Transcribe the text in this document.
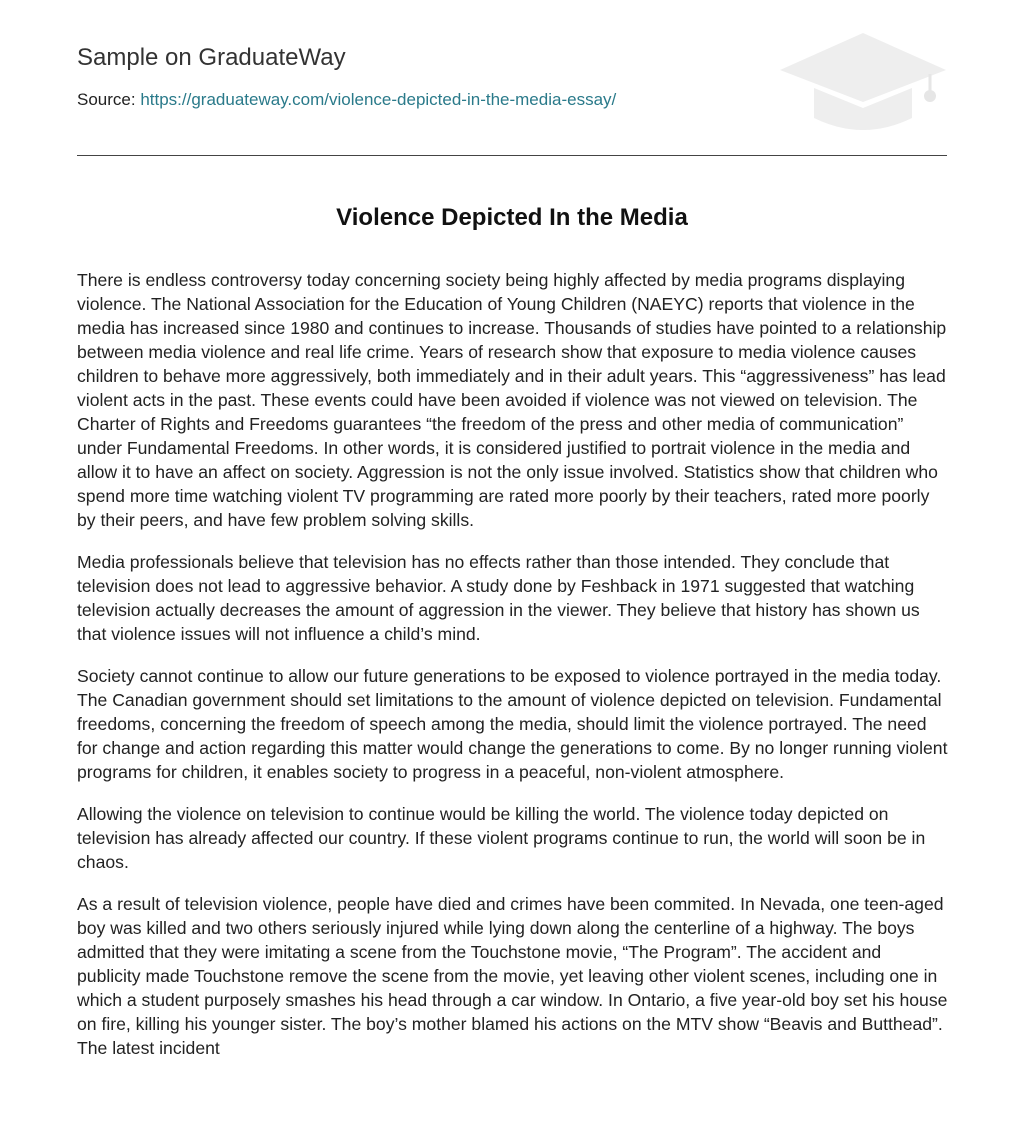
Sample on GraduateWay
Source: https://graduateway.com/violence-depicted-in-the-media-essay/
Violence Depicted In the Media

There is endless controversy today concerning society being highly affected by media programs displaying violence. The National Association for the Education of Young Children (NAEYC) reports that violence in the media has increased since 1980 and continues to increase. Thousands of studies have pointed to a relationship between media violence and real life crime. Years of research show that exposure to media violence causes children to behave more aggressively, both immediately and in their adult years. This “aggressiveness” has lead violent acts in the past. These events could have been avoided if violence was not viewed on television. The Charter of Rights and Freedoms guarantees “the freedom of the press and other media of communication” under Fundamental Freedoms. In other words, it is considered justified to portrait violence in the media and allow it to have an affect on society. Aggression is not the only issue involved. Statistics show that children who spend more time watching violent TV programming are rated more poorly by their teachers, rated more poorly by their peers, and have few problem solving skills.

Media professionals believe that television has no effects rather than those intended. They conclude that television does not lead to aggressive behavior. A study done by Feshback in 1971 suggested that watching television actually decreases the amount of aggression in the viewer. They believe that history has shown us that violence issues will not influence a child’s mind.

Society cannot continue to allow our future generations to be exposed to violence portrayed in the media today. The Canadian government should set limitations to the amount of violence depicted on television. Fundamental freedoms, concerning the freedom of speech among the media, should limit the violence portrayed. The need for change and action regarding this matter would change the generations to come. By no longer running violent programs for children, it enables society to progress in a peaceful, non-violent atmosphere.

Allowing the violence on television to continue would be killing the world. The violence today depicted on television has already affected our country. If these violent programs continue to run, the world will soon be in chaos.

As a result of television violence, people have died and crimes have been commited. In Nevada, one teen-aged boy was killed and two others seriously injured while lying down along the centerline of a highway. The boys admitted that they were imitating a scene from the Touchstone movie, “The Program”. The accident and publicity made Touchstone remove the scene from the movie, yet leaving other violent scenes, including one in which a student purposely smashes his head through a car window. In Ontario, a five year-old boy set his house on fire, killing his younger sister. The boy’s mother blamed his actions on the MTV show “Beavis and Butthead”. The latest incident
